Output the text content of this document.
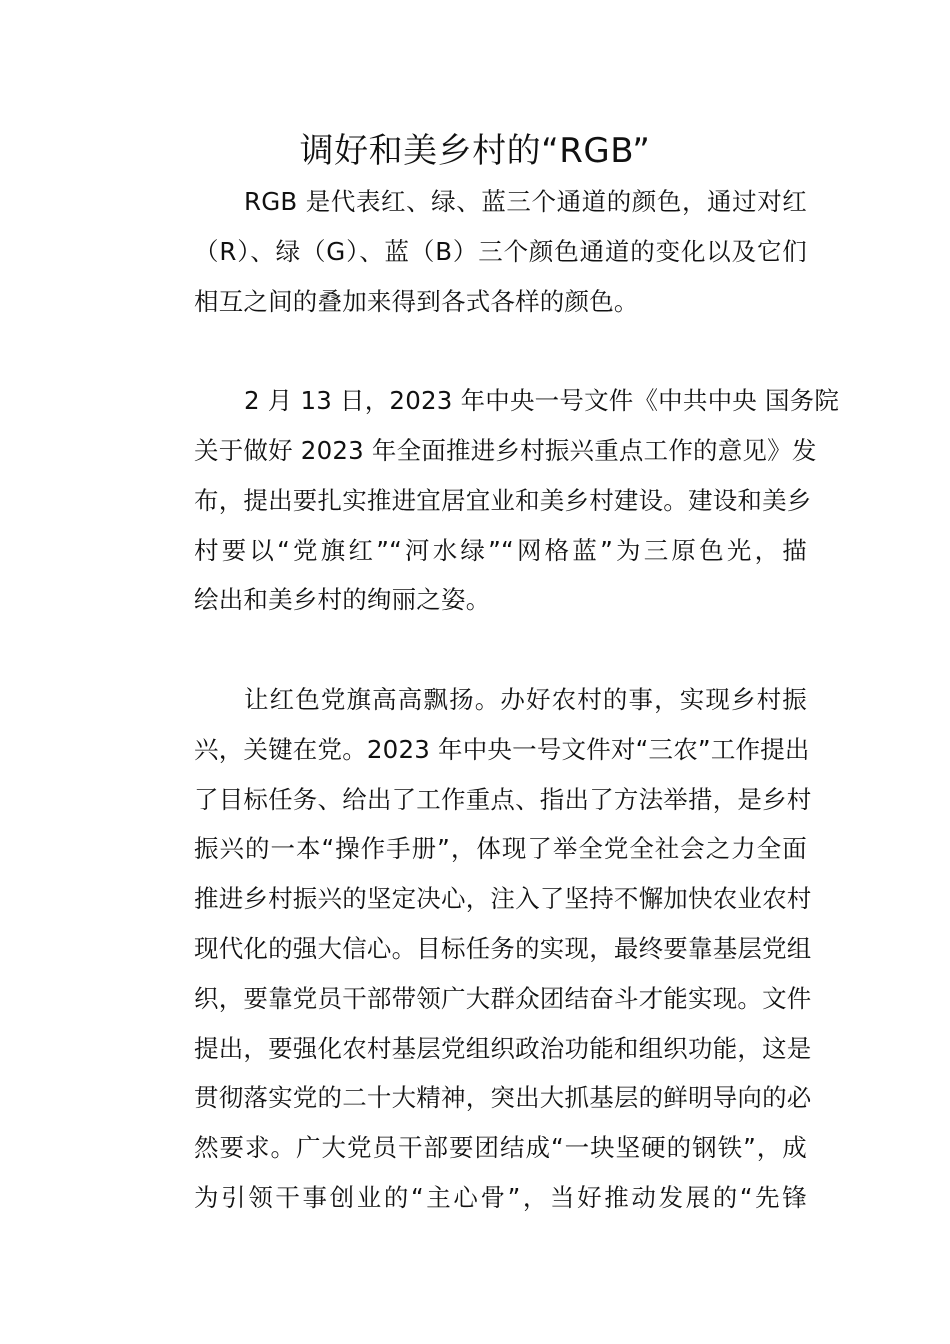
调好和美乡村的“RGB”
RGB 是代表红、绿、蓝三个通道的颜色，通过对红
（R）、绿（G）、蓝（B）三个颜色通道的变化以及它们
相互之间的叠加来得到各式各样的颜色。
2 月 13 日，2023 年中央一号文件《中共中央 国务院
关于做好 2023 年全面推进乡村振兴重点工作的意见》发
布，提出要扎实推进宜居宜业和美乡村建设。建设和美乡
村要以“党旗红”“河水绿”“网格蓝”为三原色光，描
绘出和美乡村的绚丽之姿。
让红色党旗高高飘扬。办好农村的事，实现乡村振
兴，关键在党。2023 年中央一号文件对“三农”工作提出
了目标任务、给出了工作重点、指出了方法举措，是乡村
振兴的一本“操作手册”，体现了举全党全社会之力全面
推进乡村振兴的坚定决心，注入了坚持不懈加快农业农村
现代化的强大信心。目标任务的实现，最终要靠基层党组
织，要靠党员干部带领广大群众团结奋斗才能实现。文件
提出，要强化农村基层党组织政治功能和组织功能，这是
贯彻落实党的二十大精神，突出大抓基层的鲜明导向的必
然要求。广大党员干部要团结成“一块坚硬的钢铁”，成
为引领干事创业的“主心骨”，当好推动发展的“先锋
